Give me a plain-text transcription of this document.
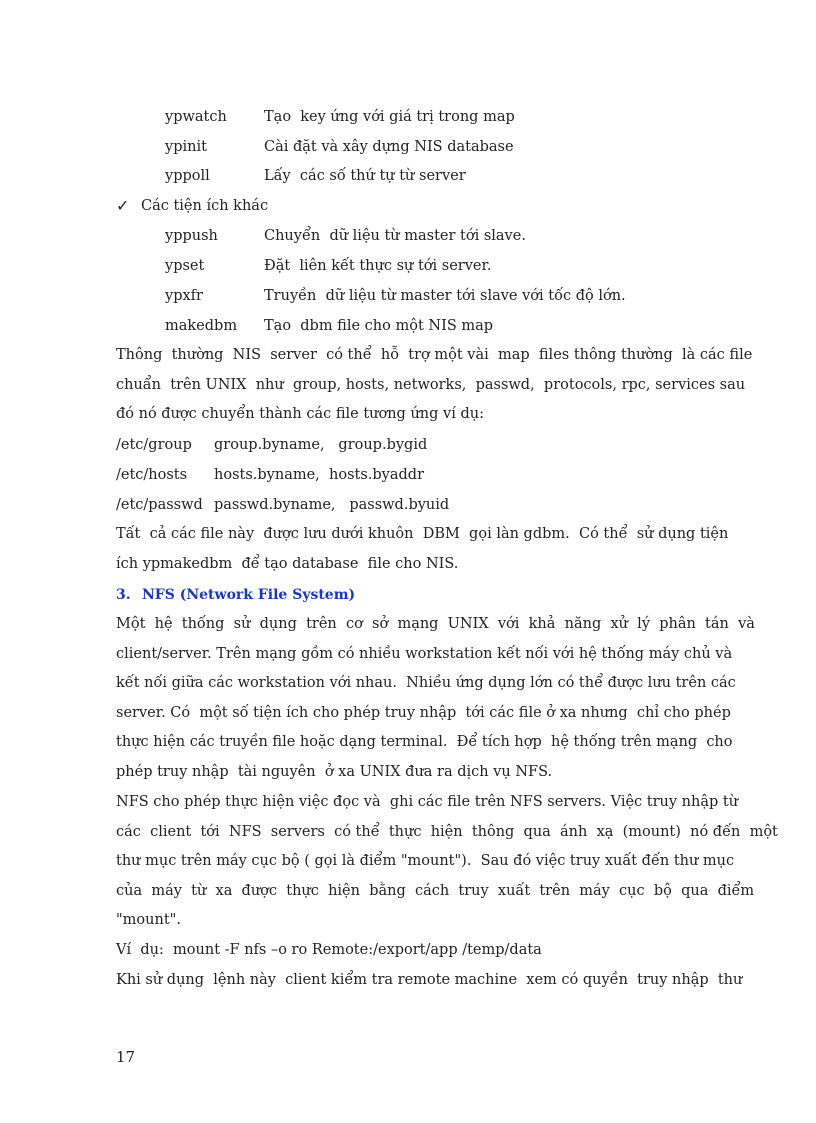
ypwatch	Tạo  key ứng với giá trị trong map
ypinit	Cài đặt và xây dựng NIS database
yppoll	Lấy  các số thứ tự từ server
✓ Các tiện ích khác
yppush	Chuyển  dữ liệu từ master tới slave.
ypset	Đặt  liên kết thực sự tới server.
ypxfr	Truyền  dữ liệu từ master tới slave với tốc độ lớn.
makedbm Tạo  dbm file cho một NIS map
Thông  thường  NIS  server  có thể  hỗ  trợ một vài  map  files thông thường  là các file
chuẩn  trên UNIX  như  group, hosts, networks,  passwd,  protocols, rpc, services sau
đó nó được chuyển thành các file tương ứng ví dụ:
/etc/group group.byname,   group.bygid
/etc/hosts hosts.byname,  hosts.byaddr
/etc/passwd passwd.byname,   passwd.byuid
Tất  cả các file này  được lưu dưới khuôn  DBM  gọi làn gdbm.  Có thể  sử dụng tiện
ích ypmakedbm  để tạo database  file cho NIS.
3. NFS (Network File System)
Một  hệ  thống  sử  dụng  trên  cơ  sở  mạng  UNIX  với  khả  năng  xử  lý  phân  tán  và
client/server. Trên mạng gồm có nhiều workstation kết nối với hệ thống máy chủ và
kết nối giữa các workstation với nhau.  Nhiều ứng dụng lớn có thể được lưu trên các
server. Có  một số tiện ích cho phép truy nhập  tới các file ở xa nhưng  chỉ cho phép
thực hiện các truyền file hoặc dạng terminal.  Để tích hợp  hệ thống trên mạng  cho
phép truy nhập  tài nguyên  ở xa UNIX đưa ra dịch vụ NFS.
NFS cho phép thực hiện việc đọc và  ghi các file trên NFS servers. Việc truy nhập từ
các  client  tới  NFS  servers  có thể  thực  hiện  thông  qua  ánh  xạ  (mount)  nó đến  một
thư mục trên máy cục bộ ( gọi là điểm "mount").  Sau đó việc truy xuất đến thư mục
của  máy  từ  xa  được  thực  hiện  bằng  cách  truy  xuất  trên  máy  cục  bộ  qua  điểm
"mount".
Ví  dụ:  mount -F nfs –o ro Remote:/export/app /temp/data
Khi sử dụng  lệnh này  client kiểm tra remote machine  xem có quyền  truy nhập  thư
17
